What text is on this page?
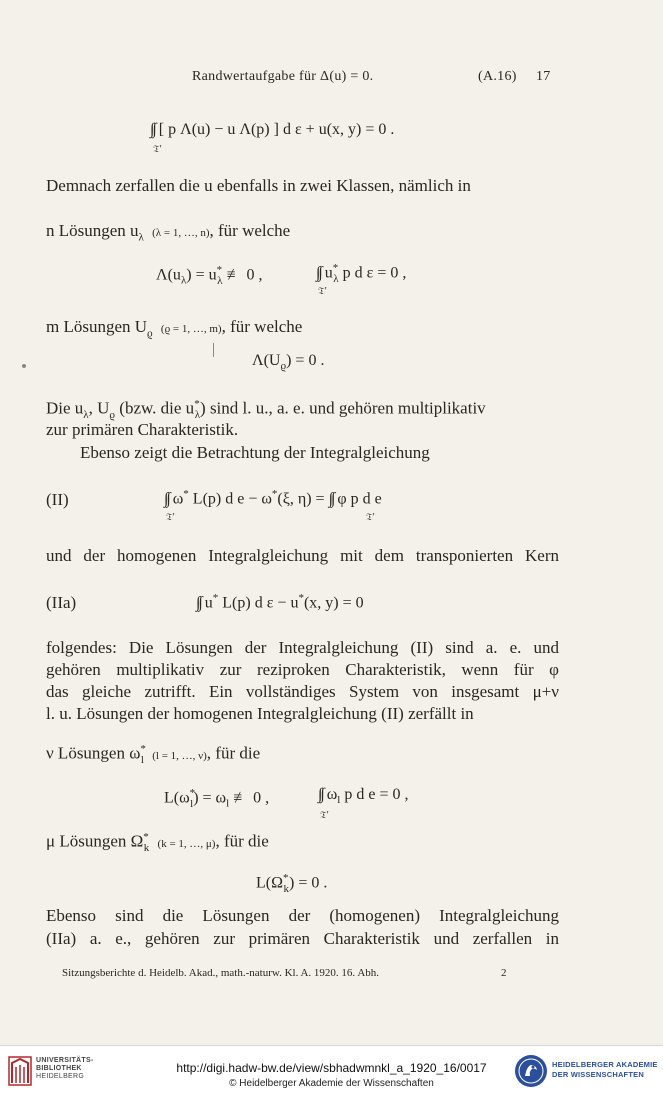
Randwertaufgabe für Δ(u) = 0.	(A.16) 17
∫∫ [ p Λ(u) − u Λ(p) ] d ε + u(x, y) = 0 .
𝔗′
Demnach zerfallen die u ebenfalls in zwei Klassen, nämlich in
n Lösungen $u_\lambda$ (λ = 1, …, n), für welche
$\Lambda(u_\lambda) = u^*_\lambda$ ≢ 0 ,	∫∫ $u^*_\lambda$ p d ε = 0 ,
𝔗′
m Lösungen $U_ϱ$ (ϱ = 1, …, m), für welche
$\Lambda(U_ϱ) = 0$ .
Die $u_\lambda$, $U_ϱ$ (bzw. die $u^*_\lambda$) sind l. u., a. e. und gehören multiplikativ
zur primären Charakteristik.
Ebenso zeigt die Betrachtung der Integralgleichung
(II)	∫∫ ω* L(p) d e − ω*(ξ, η) = ∫∫ φ p d e
𝔗′	𝔗′
und der homogenen Integralgleichung mit dem transponierten Kern
(IIa)	∫∫ u* L(p) d ε − u*(x, y) = 0
folgendes: Die Lösungen der Integralgleichung (II) sind a. e. und
gehören multiplikativ zur reziproken Charakteristik, wenn für φ
das gleiche zutrifft. Ein vollständiges System von insgesamt μ+ν
l. u. Lösungen der homogenen Integralgleichung (II) zerfällt in
ν Lösungen $\omega^*_l$ (l = 1, …, ν), für die
$L(\omega^*_l) = \omega_l$ ≢ 0 ,	∫∫ $\omega_l$ p d e = 0 ,
𝔗′
μ Lösungen $\Omega^*_k$ (k = 1, …, μ), für die
$L(\Omega^*_k) = 0$ .
Ebenso sind die Lösungen der (homogenen) Integralgleichung
(IIa) a. e., gehören zur primären Charakteristik und zerfallen in
Sitzungsberichte d. Heidelb. Akad., math.-naturw. Kl. A. 1920. 16. Abh.	2
UNIVERSITÄTS-
BIBLIOTHEK
HEIDELBERG
http://digi.hadw-bw.de/view/sbhadwmnkl_a_1920_16/0017
© Heidelberger Akademie der Wissenschaften
HEIDELBERGER AKADEMIE
DER WISSENSCHAFTEN
